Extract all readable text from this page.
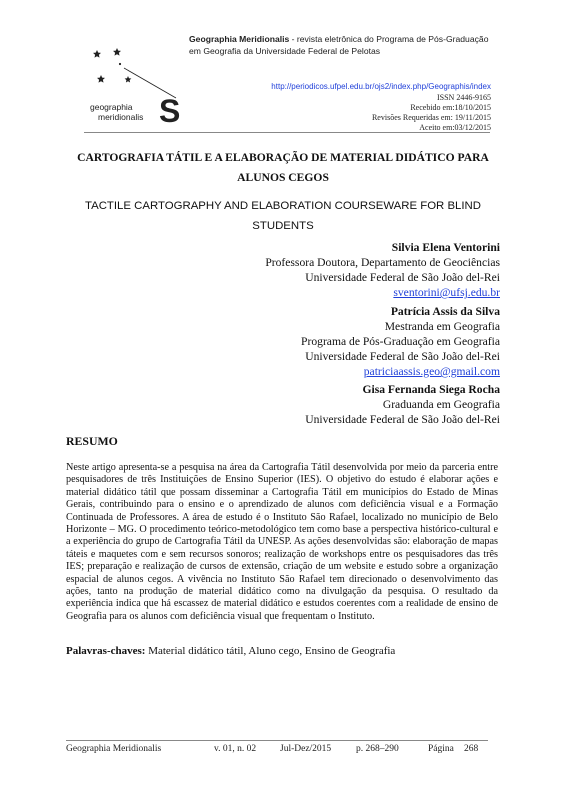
geographia
meridionalis S
Geographia Meridionalis - revista eletrônica do Programa de Pós-Graduação em Geografia da Universidade Federal de Pelotas
http://periodicos.ufpel.edu.br/ojs2/index.php/Geographis/index
ISSN 2446-9165
Recebido em:18/10/2015
Revisões Requeridas em: 19/11/2015
Aceito em:03/12/2015
CARTOGRAFIA TÁTIL E A ELABORAÇÃO DE MATERIAL DIDÁTICO PARA ALUNOS CEGOS
TACTILE CARTOGRAPHY AND ELABORATION COURSEWARE FOR BLIND STUDENTS
Silvia Elena Ventorini
Professora Doutora, Departamento de Geociências
Universidade Federal de São João del-Rei
sventorini@ufsj.edu.br
Patrícia Assis da Silva
Mestranda em Geografia
Programa de Pós-Graduação em Geografia
Universidade Federal de São João del-Rei
patriciaassis.geo@gmail.com
Gisa Fernanda Siega Rocha
Graduanda em Geografia
Universidade Federal de São João del-Rei
RESUMO
Neste artigo apresenta-se a pesquisa na área da Cartografia Tátil desenvolvida por meio da parceria entre pesquisadores de três Instituições de Ensino Superior (IES). O objetivo do estudo é elaborar ações e material didático tátil que possam disseminar a Cartografia Tátil em municípios do Estado de Minas Gerais, contribuindo para o ensino e o aprendizado de alunos com deficiência visual e a Formação Continuada de Professores. A área de estudo é o Instituto São Rafael, localizado no município de Belo Horizonte – MG. O procedimento teórico-metodológico tem como base a perspectiva histórico-cultural e a experiência do grupo de Cartografia Tátil da UNESP. As ações desenvolvidas são: elaboração de mapas táteis e maquetes com e sem recursos sonoros; realização de workshops entre os pesquisadores das três IES; preparação e realização de cursos de extensão, criação de um website e estudo sobre a organização espacial de alunos cegos. A vivência no Instituto São Rafael tem direcionado o desenvolvimento das ações, tanto na produção de material didático como na divulgação da pesquisa. O resultado da experiência indica que há escassez de material didático e estudos coerentes com a realidade de ensino de Geografia para os alunos com deficiência visual que frequentam o Instituto.
Palavras-chaves: Material didático tátil, Aluno cego, Ensino de Geografia
Geographia Meridionalis	v. 01, n. 02	Jul-Dez/2015	p. 268–290	Página 268
